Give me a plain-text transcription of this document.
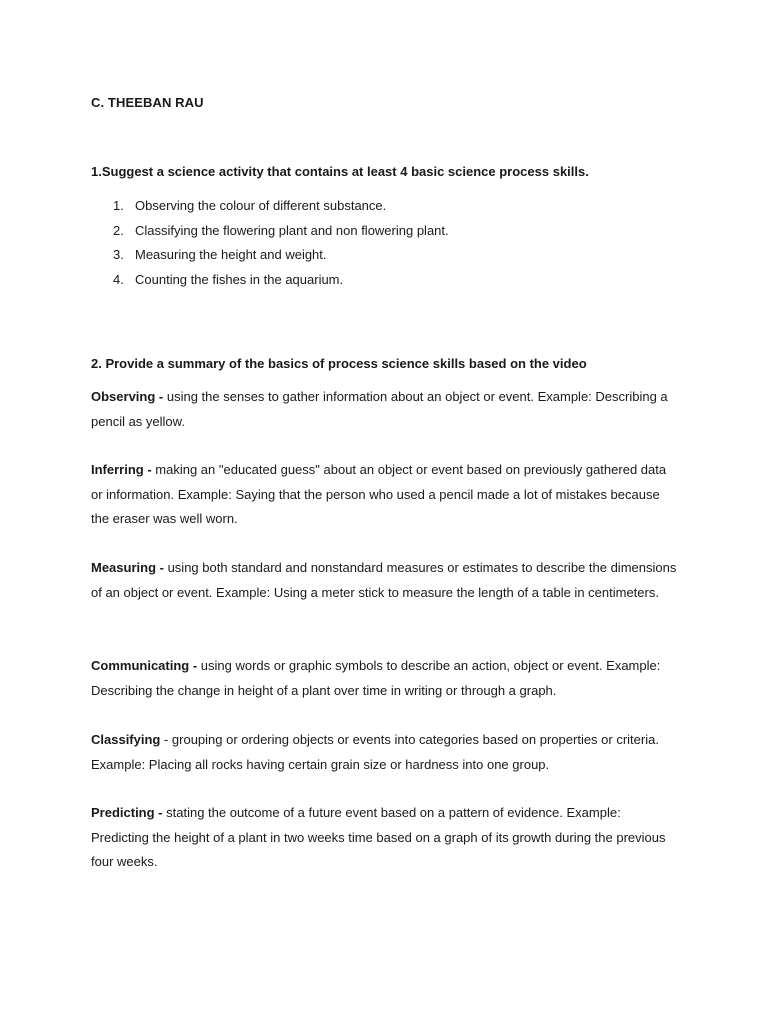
C. THEEBAN RAU

1.Suggest a science activity that contains at least 4 basic science process skills.

1. Observing the colour of different substance.
2. Classifying the flowering plant and non flowering plant.
3. Measuring the height and weight.
4. Counting the fishes in the aquarium.

2. Provide a summary of the basics of process science skills based on the video

Observing - using the senses to gather information about an object or event. Example: Describing a pencil as yellow.

Inferring - making an "educated guess" about an object or event based on previously gathered data or information. Example: Saying that the person who used a pencil made a lot of mistakes because the eraser was well worn.

Measuring - using both standard and nonstandard measures or estimates to describe the dimensions of an object or event. Example: Using a meter stick to measure the length of a table in centimeters.

Communicating - using words or graphic symbols to describe an action, object or event. Example: Describing the change in height of a plant over time in writing or through a graph.

Classifying - grouping or ordering objects or events into categories based on properties or criteria. Example: Placing all rocks having certain grain size or hardness into one group.

Predicting - stating the outcome of a future event based on a pattern of evidence. Example: Predicting the height of a plant in two weeks time based on a graph of its growth during the previous four weeks.
